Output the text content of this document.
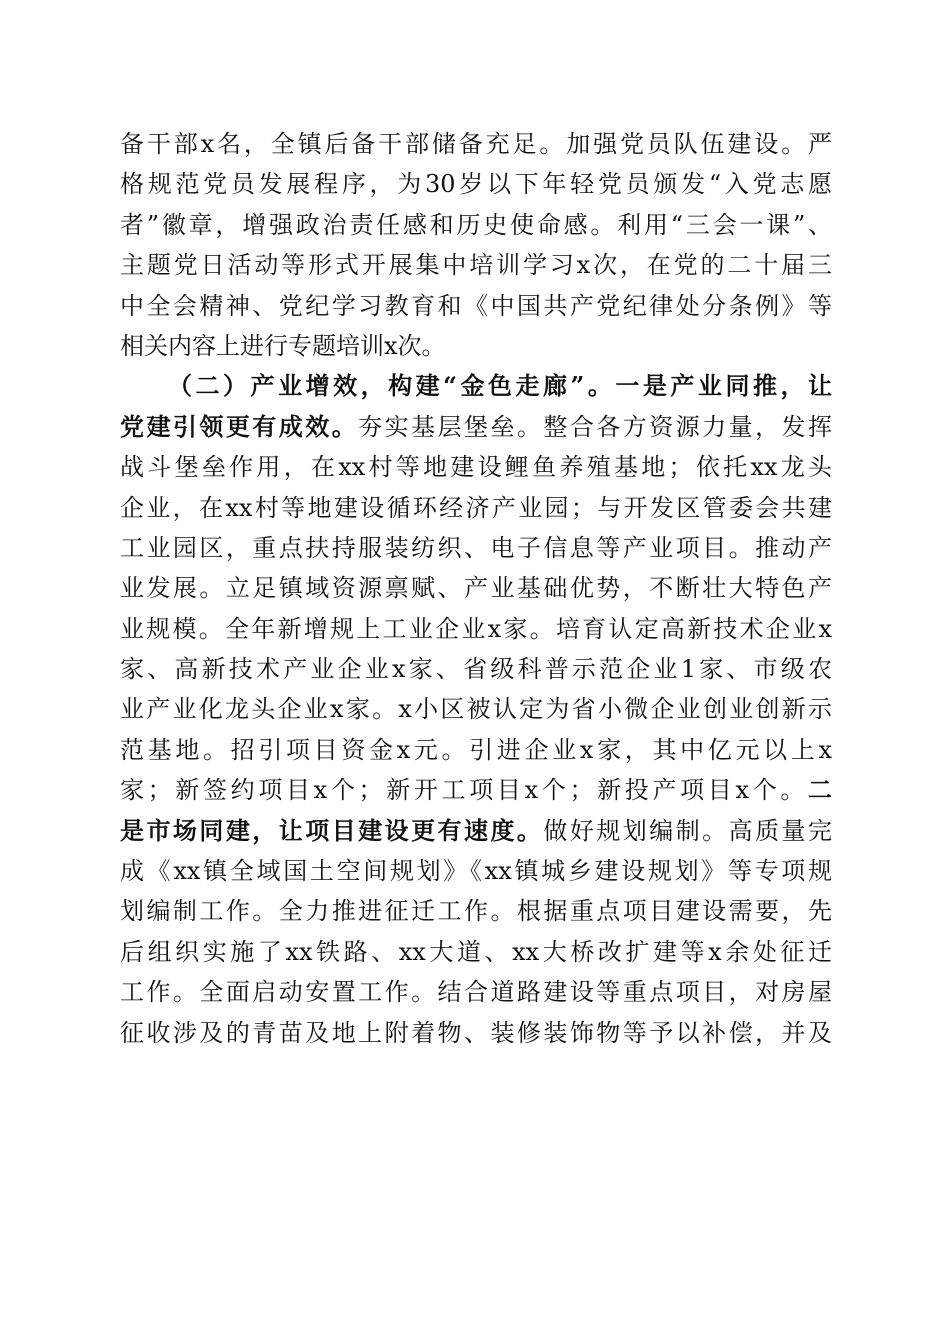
备干部x名，全镇后备干部储备充足。加强党员队伍建设。严
格规范党员发展程序，为30岁以下年轻党员颁发“入党志愿
者”徽章，增强政治责任感和历史使命感。利用“三会一课”、
主题党日活动等形式开展集中培训学习x次，在党的二十届三
中全会精神、党纪学习教育和《中国共产党纪律处分条例》等
相关内容上进行专题培训x次。
（二）产业增效，构建“金色走廊”。一是产业同推，让
党建引领更有成效。夯实基层堡垒。整合各方资源力量，发挥
战斗堡垒作用，在xx村等地建设鲤鱼养殖基地；依托xx龙头
企业，在xx村等地建设循环经济产业园；与开发区管委会共建
工业园区，重点扶持服装纺织、电子信息等产业项目。推动产
业发展。立足镇域资源禀赋、产业基础优势，不断壮大特色产
业规模。全年新增规上工业企业x家。培育认定高新技术企业x
家、高新技术产业企业x家、省级科普示范企业1家、市级农
业产业化龙头企业x家。x小区被认定为省小微企业创业创新示
范基地。招引项目资金x元。引进企业x家，其中亿元以上x
家；新签约项目x个；新开工项目x个；新投产项目x个。二
是市场同建，让项目建设更有速度。做好规划编制。高质量完
成《xx镇全域国土空间规划》《xx镇城乡建设规划》等专项规
划编制工作。全力推进征迁工作。根据重点项目建设需要，先
后组织实施了xx铁路、xx大道、xx大桥改扩建等x余处征迁
工作。全面启动安置工作。结合道路建设等重点项目，对房屋
征收涉及的青苗及地上附着物、装修装饰物等予以补偿，并及
